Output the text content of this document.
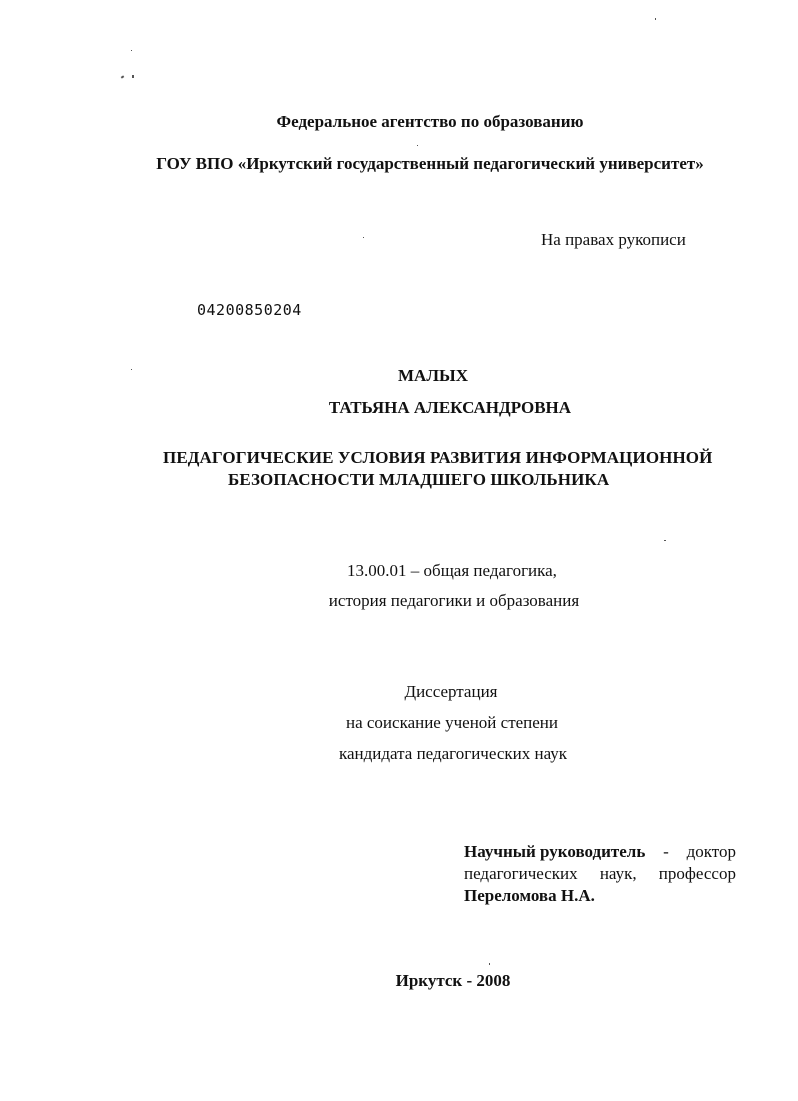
Федеральное агентство по образованию
ГОУ ВПО «Иркутский государственный педагогический университет»
На правах рукописи
04200850204
МАЛЫХ
ТАТЬЯНА АЛЕКСАНДРОВНА
ПЕДАГОГИЧЕСКИЕ УСЛОВИЯ РАЗВИТИЯ ИНФОРМАЦИОННОЙ
БЕЗОПАСНОСТИ МЛАДШЕГО ШКОЛЬНИКА
13.00.01 – общая педагогика,
история педагогики и образования
Диссертация
на соискание ученой степени
кандидата педагогических наук
Научный руководитель - доктор
педагогических наук, профессор
Переломова Н.А.
Иркутск - 2008
